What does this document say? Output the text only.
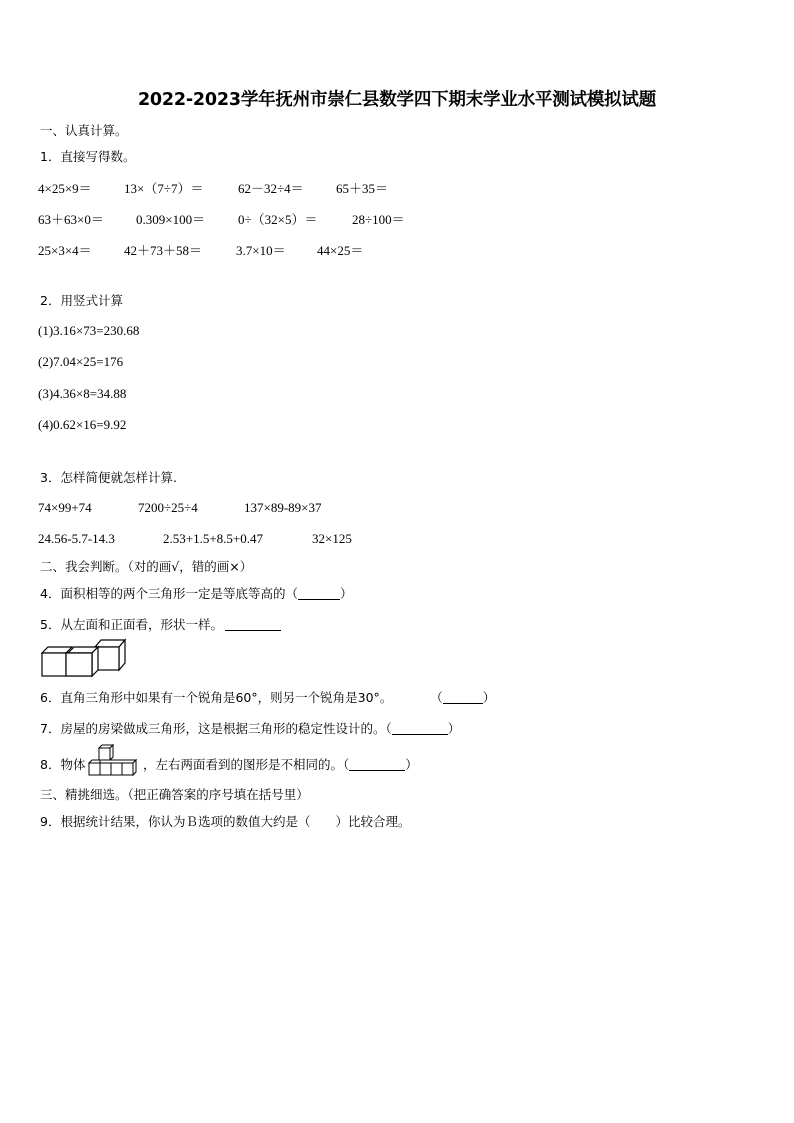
2022-2023学年抚州市崇仁县数学四下期末学业水平测试模拟试题
一、认真计算。
1．直接写得数。
4×25×9＝ 13×（7÷7）＝	62－32÷4＝ 65＋35＝
63＋63×0＝ 0.309×100＝	0÷（32×5）＝	28÷100＝
25×3×4＝ 42＋73＋58＝	3.7×10＝ 44×25＝
2．用竖式计算
(1)3.16×73=230.68
(2)7.04×25=176
(3)4.36×8=34.88
(4)0.62×16=9.92
3．怎样简便就怎样计算.
74×99+74	7200÷25÷4	137×89-89×37
24.56-5.7-14.3	2.53+1.5+8.5+0.47	32×125
二、我会判断。（对的画√，错的画×）
4．面积相等的两个三角形一定是等底等高的（	）
5．从左面和正面看，形状一样。
6．直角三角形中如果有一个锐角是60°，则另一个锐角是30°。	（	）
7．房屋的房梁做成三角形，这是根据三角形的稳定性设计的。（	）
8．物体	，左右两面看到的图形是不相同的。（	）
三、精挑细选。（把正确答案的序号填在括号里）
9．根据统计结果，你认为Ｂ选项的数值大约是（　　）比较合理。
